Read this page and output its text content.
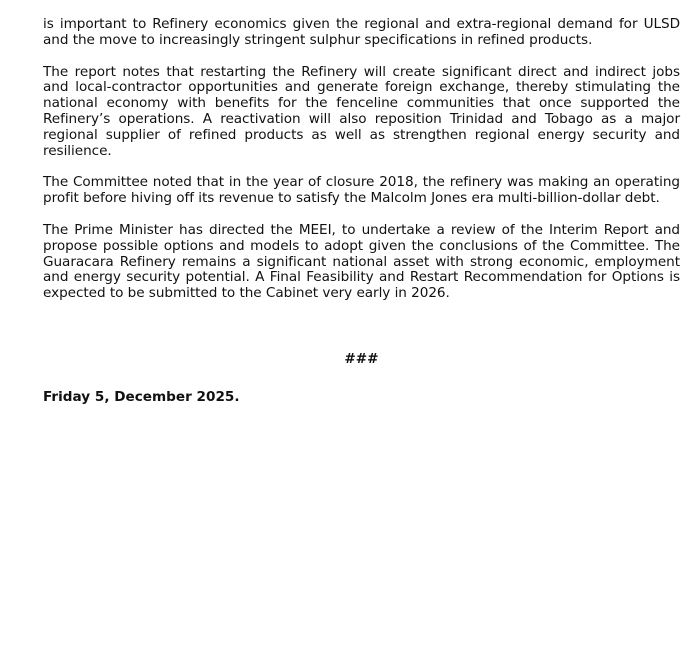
is important to Refinery economics given the regional and extra-regional demand for ULSD and the move to increasingly stringent sulphur specifications in refined products.

The report notes that restarting the Refinery will create significant direct and indirect jobs and local-contractor opportunities and generate foreign exchange, thereby stimulating the national economy with benefits for the fenceline communities that once supported the Refinery’s operations. A reactivation will also reposition Trinidad and Tobago as a major regional supplier of refined products as well as strengthen regional energy security and resilience.

The Committee noted that in the year of closure 2018, the refinery was making an operating profit before hiving off its revenue to satisfy the Malcolm Jones era multi-billion-dollar debt.

The Prime Minister has directed the MEEI, to undertake a review of the Interim Report and propose possible options and models to adopt given the conclusions of the Committee. The Guaracara Refinery remains a significant national asset with strong economic, employment and energy security potential. A Final Feasibility and Restart Recommendation for Options is expected to be submitted to the Cabinet very early in 2026.

###

Friday 5, December 2025.
